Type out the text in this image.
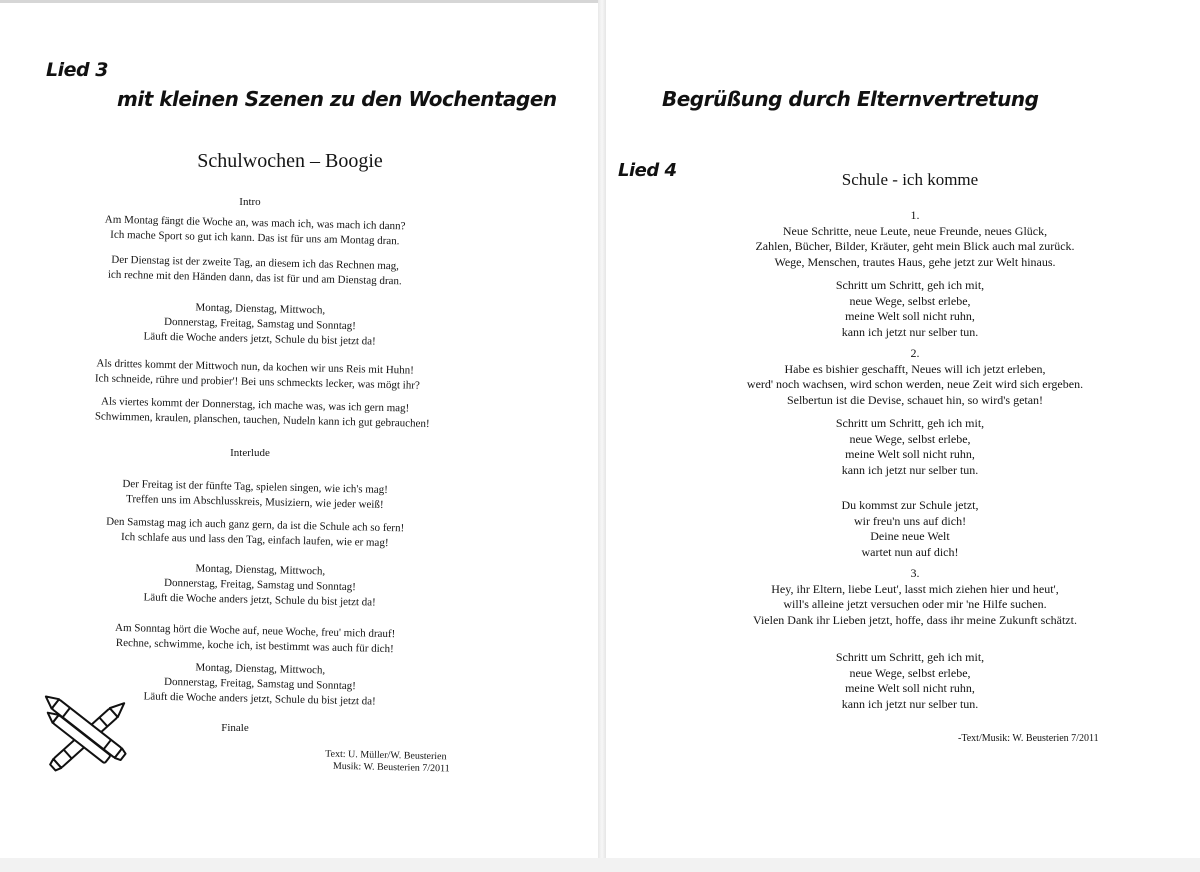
Lied 3
mit kleinen Szenen zu den Wochentagen
Schulwochen – Boogie
Intro
Am Montag fängt die Woche an, was mach ich, was mach ich dann?
Ich mache Sport so gut ich kann. Das ist für uns am Montag dran.
Der Dienstag ist der zweite Tag, an diesem ich das Rechnen mag,
ich rechne mit den Händen dann, das ist für und am Dienstag dran.
Montag, Dienstag, Mittwoch,
Donnerstag, Freitag, Samstag und Sonntag!
Läuft die Woche anders jetzt, Schule du bist jetzt da!
Als drittes kommt der Mittwoch nun, da kochen wir uns Reis mit Huhn!
Ich schneide, rühre und probier'! Bei uns schmeckts lecker, was mögt ihr?
Als viertes kommt der Donnerstag, ich mache was, was ich gern mag!
Schwimmen, kraulen, planschen, tauchen, Nudeln kann ich gut gebrauchen!
Interlude
Der Freitag ist der fünfte Tag, spielen singen, wie ich's mag!
Treffen uns im Abschlusskreis, Musiziern, wie jeder weiß!
Den Samstag mag ich auch ganz gern, da ist die Schule ach so fern!
Ich schlafe aus und lass den Tag, einfach laufen, wie er mag!
Montag, Dienstag, Mittwoch,
Donnerstag, Freitag, Samstag und Sonntag!
Läuft die Woche anders jetzt, Schule du bist jetzt da!
Am Sonntag hört die Woche auf, neue Woche, freu' mich drauf!
Rechne, schwimme, koche ich, ist bestimmt was auch für dich!
Montag, Dienstag, Mittwoch,
Donnerstag, Freitag, Samstag und Sonntag!
Läuft die Woche anders jetzt, Schule du bist jetzt da!
Finale
Text: U. Müller/W. Beusterien
Musik: W. Beusterien 7/2011
Begrüßung durch Elternvertretung
Lied 4	Schule - ich komme
1.
Neue Schritte, neue Leute, neue Freunde, neues Glück,
Zahlen, Bücher, Bilder, Kräuter, geht mein Blick auch mal zurück.
Wege, Menschen, trautes Haus, gehe jetzt zur Welt hinaus.
Schritt um Schritt, geh ich mit,
neue Wege, selbst erlebe,
meine Welt soll nicht ruhn,
kann ich jetzt nur selber tun.
2.
Habe es bishier geschafft, Neues will ich jetzt erleben,
werd' noch wachsen, wird schon werden, neue Zeit wird sich ergeben.
Selbertun ist die Devise, schauet hin, so wird's getan!
Schritt um Schritt, geh ich mit,
neue Wege, selbst erlebe,
meine Welt soll nicht ruhn,
kann ich jetzt nur selber tun.
Du kommst zur Schule jetzt,
wir freu'n uns auf dich!
Deine neue Welt
wartet nun auf dich!
3.
Hey, ihr Eltern, liebe Leut', lasst mich ziehen hier und heut',
will's alleine jetzt versuchen oder mir 'ne Hilfe suchen.
Vielen Dank ihr Lieben jetzt, hoffe, dass ihr meine Zukunft schätzt.
Schritt um Schritt, geh ich mit,
neue Wege, selbst erlebe,
meine Welt soll nicht ruhn,
kann ich jetzt nur selber tun.
-Text/Musik: W. Beusterien 7/2011
